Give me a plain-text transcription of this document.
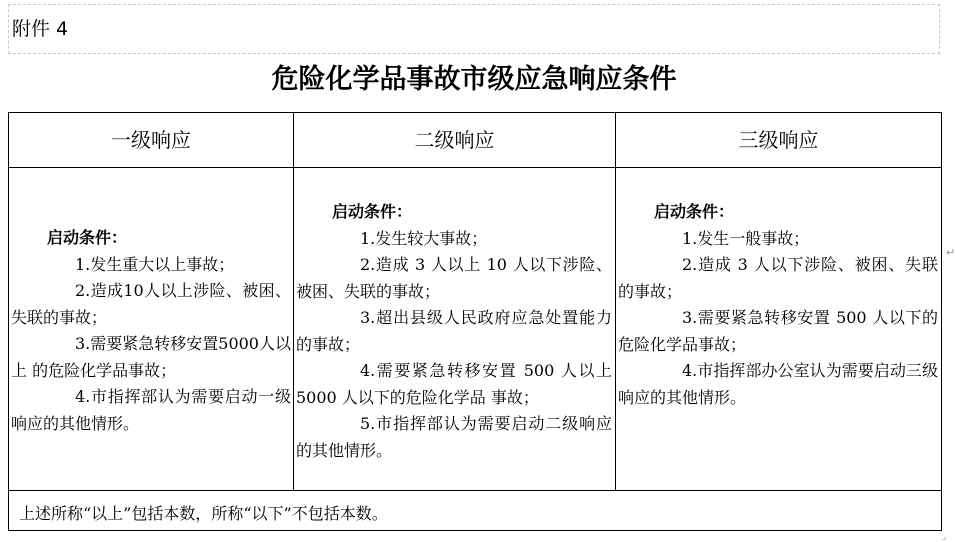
附件 4
危险化学品事故市级应急响应条件
一级响应	二级响应	三级响应

启动条件：

1.发生重大以上事故；

2.造成10人以上涉险、被困、失联的事故；

3.需要紧急转移安置5000人以上 的危险化学品事故；

4.市指挥部认为需要启动一级响应的其他情形。

启动条件：

1.发生较大事故；

2.造成 3 人以上 10 人以下涉险、被困、失联的事故；

3.超出县级人民政府应急处置能力的事故；

4.需要紧急转移安置 500 人以上 5000 人以下的危险化学品 事故；

5.市指挥部认为需要启动二级响应的其他情形。

启动条件：

1.发生一般事故；

2.造成 3 人以下涉险、被困、失联的事故；

3.需要紧急转移安置 500 人以下的危险化学品事故；

4.市指挥部办公室认为需要启动三级响应的其他情形。

上述所称“以上”包括本数，所称“以下”不包括本数。
↵
⌟
